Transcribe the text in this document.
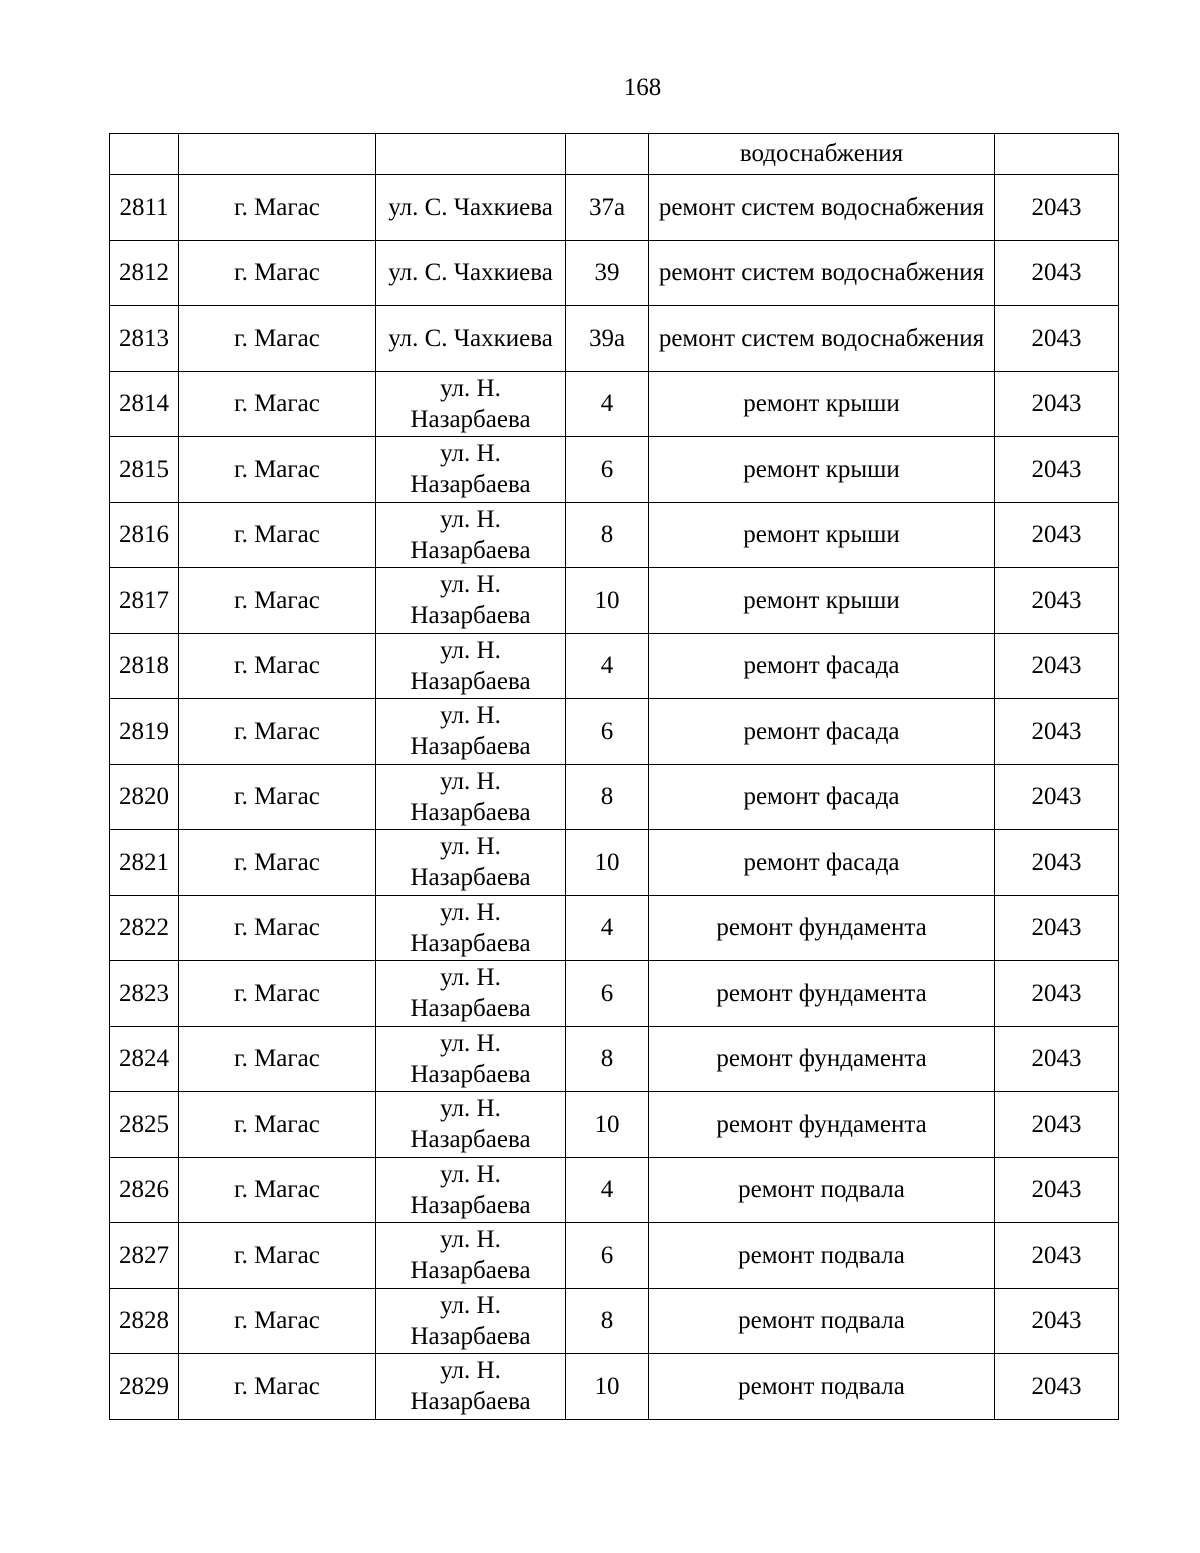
168
				водоснабжения	
2811	г. Магас	ул. С. Чахкиева	37а	ремонт систем водоснабжения	2043
2812	г. Магас	ул. С. Чахкиева	39	ремонт систем водоснабжения	2043
2813	г. Магас	ул. С. Чахкиева	39а	ремонт систем водоснабжения	2043
2814	г. Магас	ул. Н. Назарбаева	4	ремонт крыши	2043
2815	г. Магас	ул. Н. Назарбаева	6	ремонт крыши	2043
2816	г. Магас	ул. Н. Назарбаева	8	ремонт крыши	2043
2817	г. Магас	ул. Н. Назарбаева	10	ремонт крыши	2043
2818	г. Магас	ул. Н. Назарбаева	4	ремонт фасада	2043
2819	г. Магас	ул. Н. Назарбаева	6	ремонт фасада	2043
2820	г. Магас	ул. Н. Назарбаева	8	ремонт фасада	2043
2821	г. Магас	ул. Н. Назарбаева	10	ремонт фасада	2043
2822	г. Магас	ул. Н. Назарбаева	4	ремонт фундамента	2043
2823	г. Магас	ул. Н. Назарбаева	6	ремонт фундамента	2043
2824	г. Магас	ул. Н. Назарбаева	8	ремонт фундамента	2043
2825	г. Магас	ул. Н. Назарбаева	10	ремонт фундамента	2043
2826	г. Магас	ул. Н. Назарбаева	4	ремонт подвала	2043
2827	г. Магас	ул. Н. Назарбаева	6	ремонт подвала	2043
2828	г. Магас	ул. Н. Назарбаева	8	ремонт подвала	2043
2829	г. Магас	ул. Н. Назарбаева	10	ремонт подвала	2043
